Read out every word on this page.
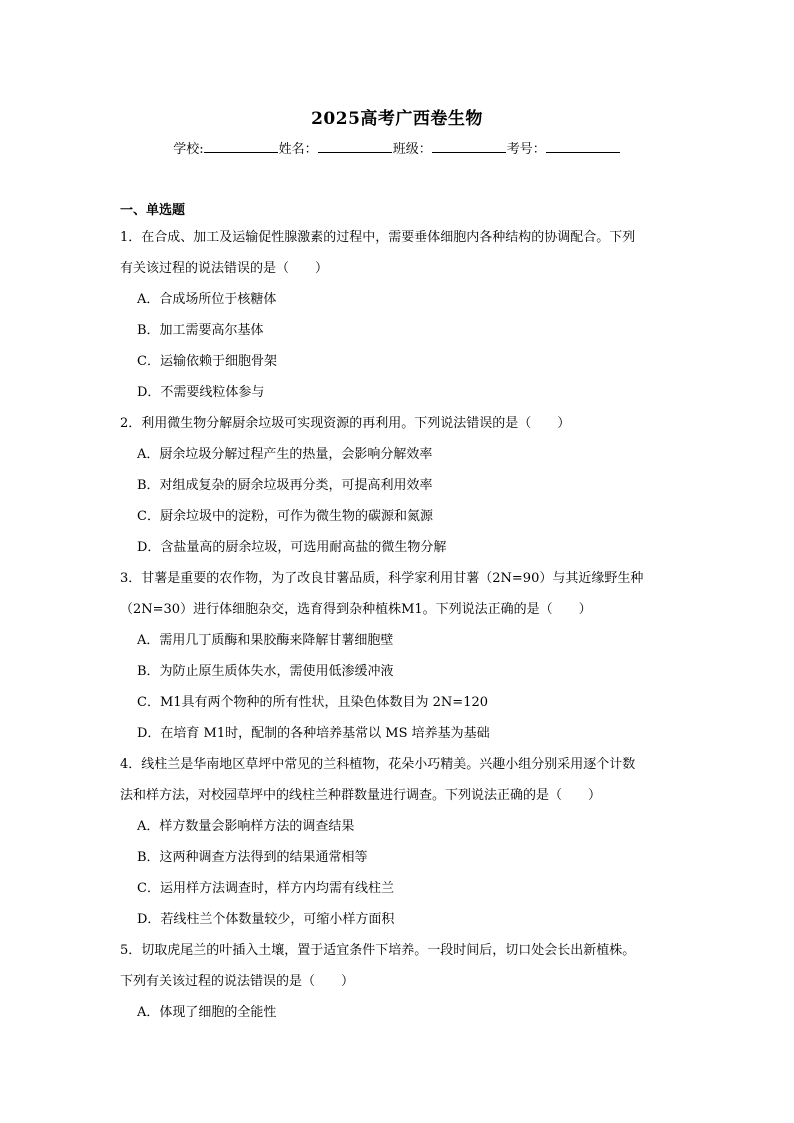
2025高考广西卷生物
学校:	姓名：	班级：	考号：
一、单选题
1．在合成、加工及运输促性腺激素的过程中，需要垂体细胞内各种结构的协调配合。下列
有关该过程的说法错误的是（　　）
A．合成场所位于核糖体
B．加工需要高尔基体
C．运输依赖于细胞骨架
D．不需要线粒体参与
2．利用微生物分解厨余垃圾可实现资源的再利用。下列说法错误的是（　　）
A．厨余垃圾分解过程产生的热量，会影响分解效率
B．对组成复杂的厨余垃圾再分类，可提高利用效率
C．厨余垃圾中的淀粉，可作为微生物的碳源和氮源
D．含盐量高的厨余垃圾，可选用耐高盐的微生物分解
3．甘薯是重要的农作物，为了改良甘薯品质，科学家利用甘薯（2N=90）与其近缘野生种
（2N=30）进行体细胞杂交，选育得到杂种植株M1。下列说法正确的是（　　）
A．需用几丁质酶和果胶酶来降解甘薯细胞壁
B．为防止原生质体失水，需使用低渗缓冲液
C．M1具有两个物种的所有性状，且染色体数目为 2N=120
D．在培育 M1时，配制的各种培养基常以 MS 培养基为基础
4．线柱兰是华南地区草坪中常见的兰科植物，花朵小巧精美。兴趣小组分别采用逐个计数
法和样方法，对校园草坪中的线柱兰种群数量进行调查。下列说法正确的是（　　）
A．样方数量会影响样方法的调查结果
B．这两种调查方法得到的结果通常相等
C．运用样方法调查时，样方内均需有线柱兰
D．若线柱兰个体数量较少，可缩小样方面积
5．切取虎尾兰的叶插入土壤，置于适宜条件下培养。一段时间后，切口处会长出新植株。
下列有关该过程的说法错误的是（　　）
A．体现了细胞的全能性
